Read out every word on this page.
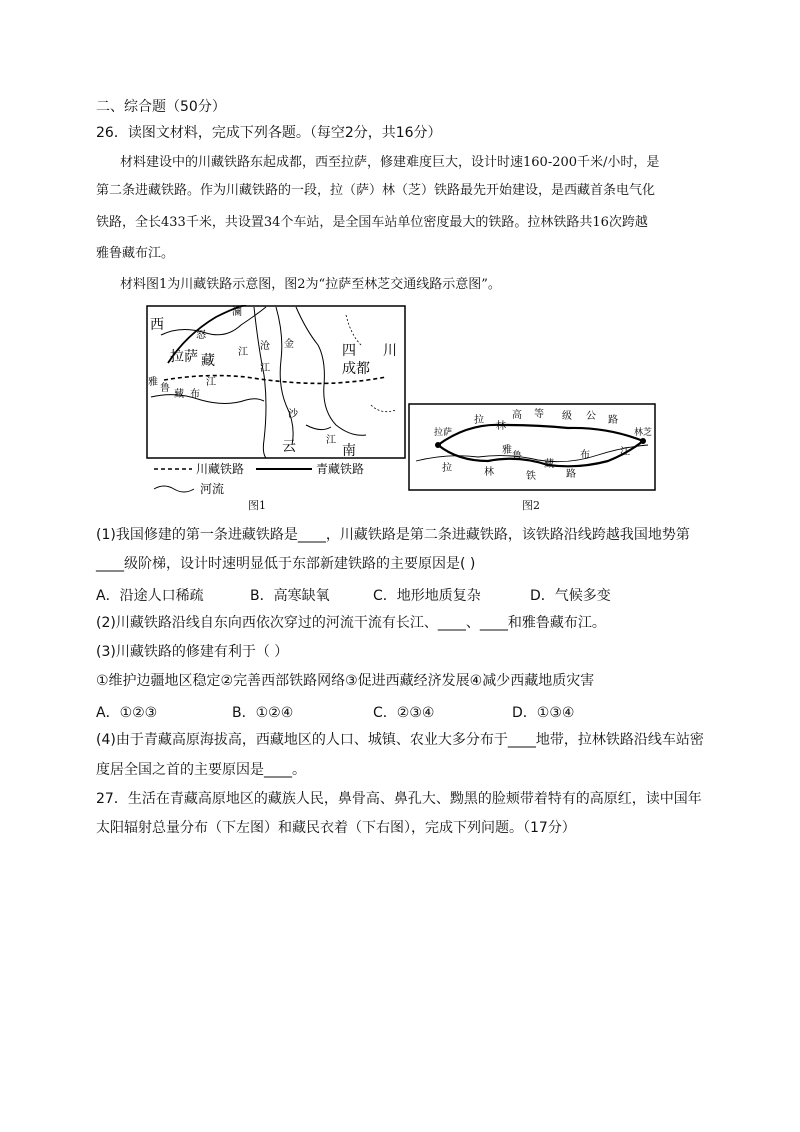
二、综合题（50分）
26．读图文材料，完成下列各题。（每空2分，共16分）
材料建设中的川藏铁路东起成都，西至拉萨，修建难度巨大，设计时速160-200千米/小时，是
第二条进藏铁路。作为川藏铁路的一段，拉（萨）林（芝）铁路最先开始建设，是西藏首条电气化
铁路，全长433千米，共设置34个车站，是全国车站单位密度最大的铁路。拉林铁路共16次跨越
雅鲁藏布江。
材料图1为川藏铁路示意图，图2为“拉萨至林芝交通线路示意图”。
西
怒
澜
拉萨 藏
江
沧 金
江
四 川
成都
雅
鲁
藏 布
江
沙
云	南
江
川藏铁路	青藏铁路
河流
图1
拉萨	林芝
拉
林
高 等 级 公 路
雅
鲁
藏
布	江
拉	林	铁	路
图2
(1)我国修建的第一条进藏铁路是____，川藏铁路是第二条进藏铁路，该铁路沿线跨越我国地势第
____级阶梯，设计时速明显低于东部新建铁路的主要原因是( )
A．沿途人口稀疏	B．高寒缺氧	C．地形地质复杂	D．气候多变
(2)川藏铁路沿线自东向西依次穿过的河流干流有长江、____、____和雅鲁藏布江。
(3)川藏铁路的修建有利于（ ）
①维护边疆地区稳定②完善西部铁路网络③促进西藏经济发展④减少西藏地质灾害
A．①②③	B．①②④	C．②③④	D．①③④
(4)由于青藏高原海拔高，西藏地区的人口、城镇、农业大多分布于____地带，拉林铁路沿线车站密
度居全国之首的主要原因是____。
27．生活在青藏高原地区的藏族人民，鼻骨高、鼻孔大、黝黑的脸颊带着特有的高原红，读中国年
太阳辐射总量分布（下左图）和藏民衣着（下右图），完成下列问题。（17分）
